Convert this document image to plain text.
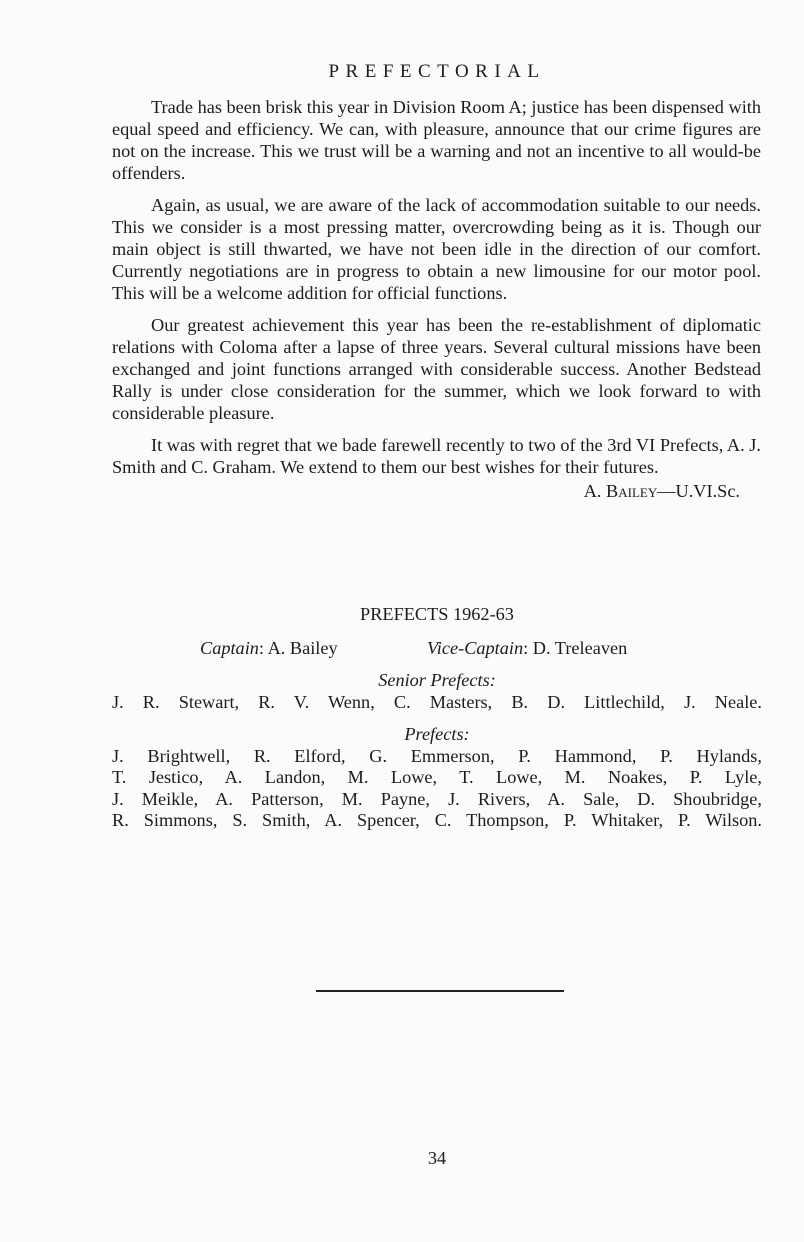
PREFECTORIAL

Trade has been brisk this year in Division Room A; justice has been dispensed with equal speed and efficiency. We can, with pleasure, announce that our crime figures are not on the increase. This we trust will be a warning and not an incentive to all would-be offenders.

Again, as usual, we are aware of the lack of accommodation suitable to our needs. This we consider is a most pressing matter, overcrowding being as it is. Though our main object is still thwarted, we have not been idle in the direction of our comfort. Currently negotiations are in progress to obtain a new limousine for our motor pool. This will be a welcome addition for official functions.

Our greatest achievement this year has been the re-establishment of diplomatic relations with Coloma after a lapse of three years. Several cultural missions have been exchanged and joint functions arranged with considerable success. Another Bedstead Rally is under close consideration for the summer, which we look forward to with considerable pleasure.

It was with regret that we bade farewell recently to two of the 3rd VI Prefects, A. J. Smith and C. Graham. We extend to them our best wishes for their futures.

A. Bailey—U.VI.Sc.

PREFECTS 1962-63
Captain: A. Bailey	Vice-Captain: D. Treleaven
Senior Prefects:

J. R. Stewart, R. V. Wenn, C. Masters, B. D. Littlechild, J. Neale.

Prefects:
J. Brightwell, R. Elford, G. Emmerson, P. Hammond, P. Hylands,
T. Jestico, A. Landon, M. Lowe, T. Lowe, M. Noakes, P. Lyle,
J. Meikle, A. Patterson, M. Payne, J. Rivers, A. Sale, D. Shoubridge,
R. Simmons, S. Smith, A. Spencer, C. Thompson, P. Whitaker, P. Wilson.
34
